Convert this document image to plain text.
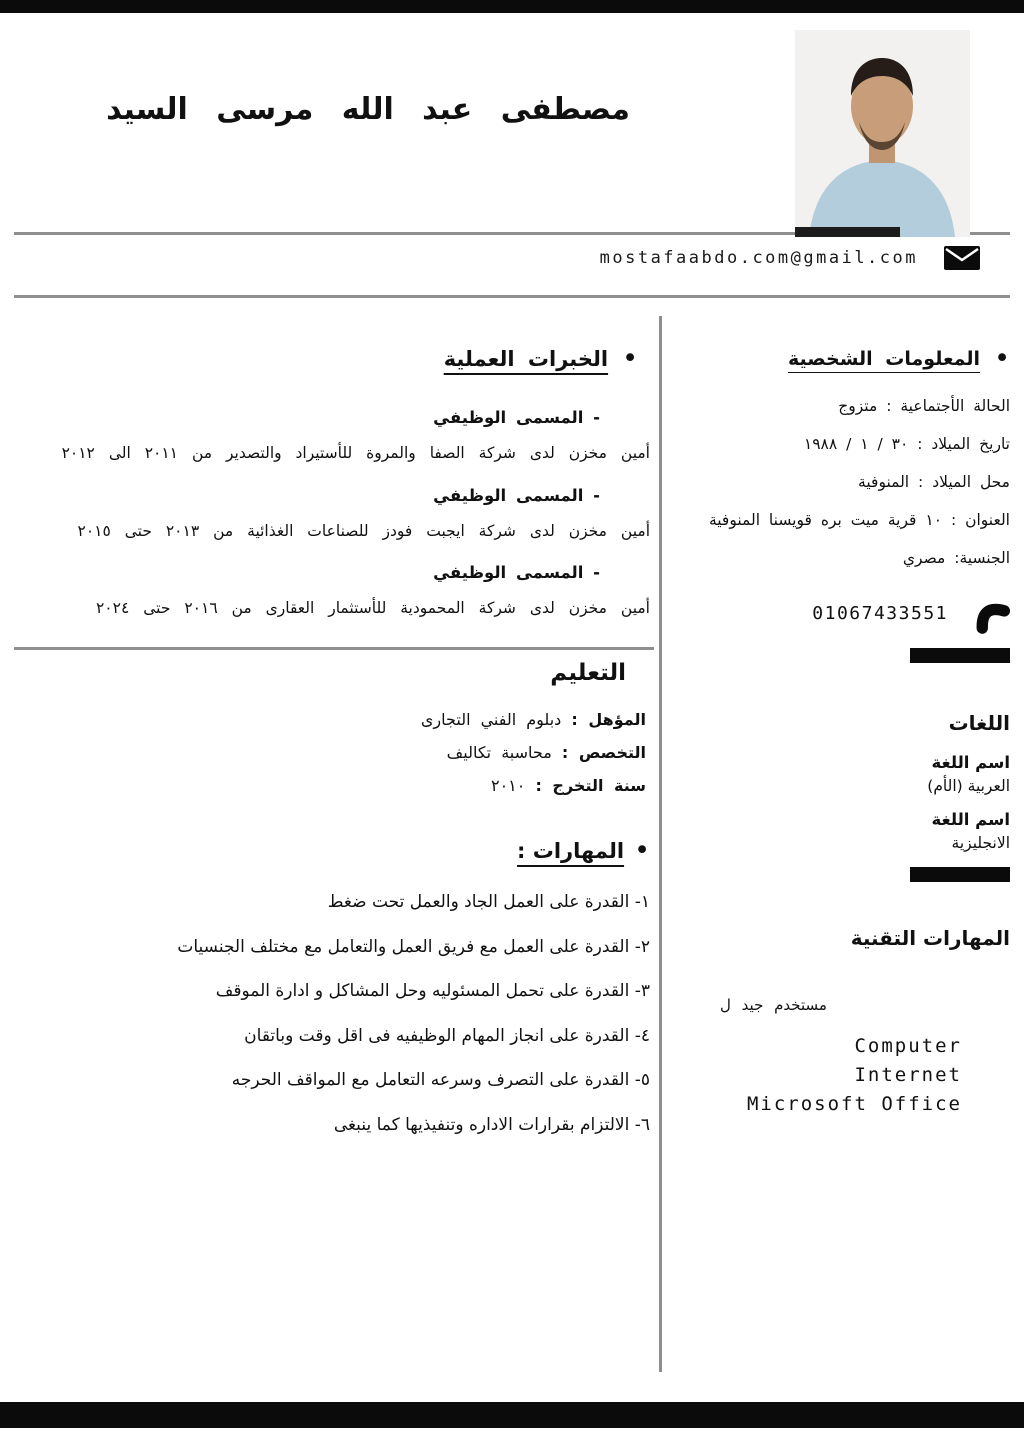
مصطفى عبد الله مرسى السيد
mostafaabdo.com@gmail.com
•
المعلومات الشخصية

الحالة الأجتماعية : متزوج

تاريخ الميلاد : ٣٠ / ١ / ١٩٨٨

محل الميلاد : المنوفية

العنوان : ١٠ قرية ميت بره قويسنا المنوفية

الجنسية: مصري

01067433551
اللغات

اسم اللغة

العربية (الأم)

اسم اللغة

الانجليزية

المهارات التقنية

مستخدم جيد ل

Computer
Internet
Microsoft Office
•
الخبرات العملية

- المسمى الوظيفي

أمين مخزن لدى شركة الصفا والمروة للأستيراد والتصدير من ٢٠١١ الى ٢٠١٢

- المسمى الوظيفي

أمين مخزن لدى شركة ايجبت فودز للصناعات الغذائية من ٢٠١٣ حتى ٢٠١٥

- المسمى الوظيفي

أمين مخزن لدى شركة المحمودية للأستثمار العقارى من ٢٠١٦ حتى ٢٠٢٤

التعليم

المؤهل : دبلوم الفني التجارى

التخصص : محاسبة تكاليف

سنة التخرج : ٢٠١٠

•
المهارات :

١- القدرة على العمل الجاد والعمل تحت ضغط

٢- القدرة على العمل مع فريق العمل والتعامل مع مختلف الجنسيات

٣- القدرة على تحمل المسئوليه وحل المشاكل و ادارة الموقف

٤- القدرة على انجاز المهام الوظيفيه فى اقل وقت وباتقان

٥- القدرة على التصرف وسرعه التعامل مع المواقف الحرجه

٦- الالتزام بقرارات الاداره وتنفيذيها كما ينبغى
